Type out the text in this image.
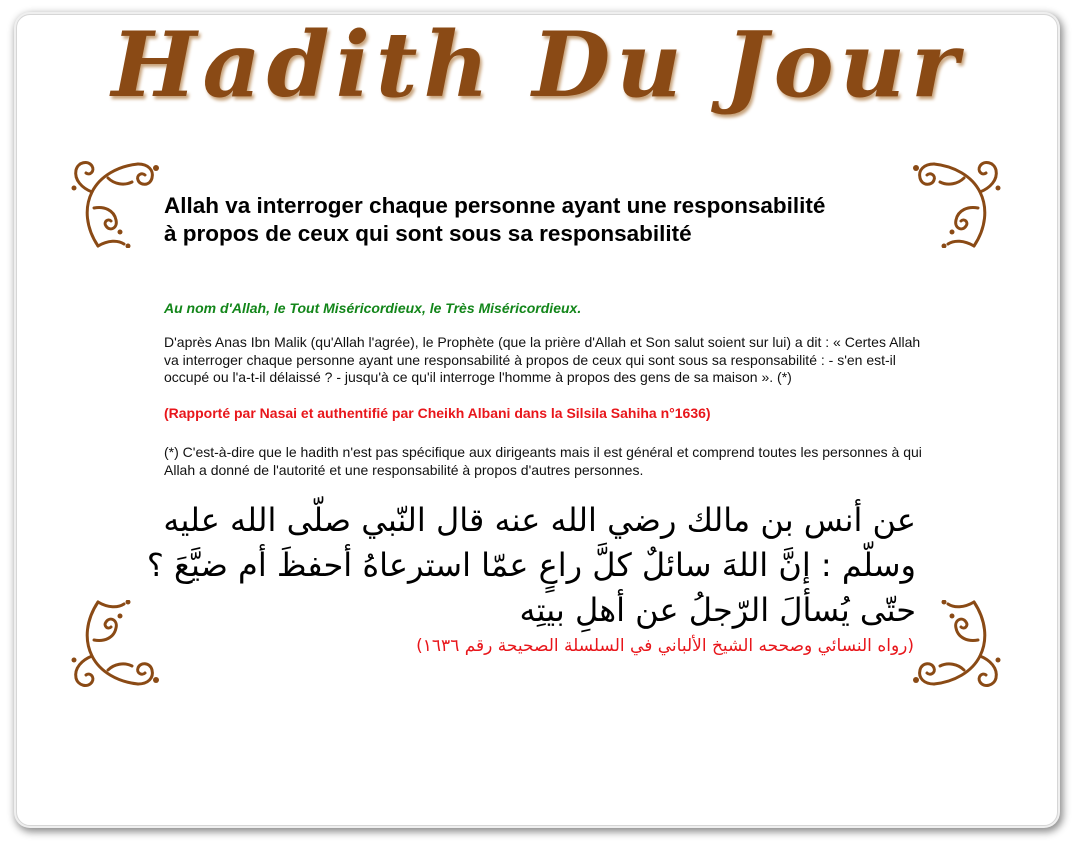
Hadith Du Jour
Allah va interroger chaque personne ayant une responsabilité
à propos de ceux qui sont sous sa responsabilité
Au nom d'Allah, le Tout Miséricordieux, le Très Miséricordieux.
D'après Anas Ibn Malik (qu'Allah l'agrée), le Prophète (que la prière d'Allah et Son salut soient sur lui) a dit : « Certes Allah va interroger chaque personne ayant une responsabilité à propos de ceux qui sont sous sa responsabilité : - s'en est-il occupé ou l'a-t-il délaissé ? - jusqu'à ce qu'il interroge l'homme à propos des gens de sa maison ». (*)
(Rapporté par Nasai et authentifié par Cheikh Albani dans la Silsila Sahiha n°1636)
(*) C'est-à-dire que le hadith n'est pas spécifique aux dirigeants mais il est général et comprend toutes les personnes à qui Allah a donné de l'autorité et une responsabilité à propos d'autres personnes.
عن أنس بن مالك رضي الله عنه قال النّبي صلّى الله عليه
وسلّم : إنَّ اللهَ سائلٌ كلَّ راعٍ عمّا استرعاهُ أحفظَ أم ضيَّعَ ؟
حتّى يُسألَ الرّجلُ عن أهلِ بيتِه
(رواه النسائي وصححه الشيخ الألباني في السلسلة الصحيحة رقم ١٦٣٦)
